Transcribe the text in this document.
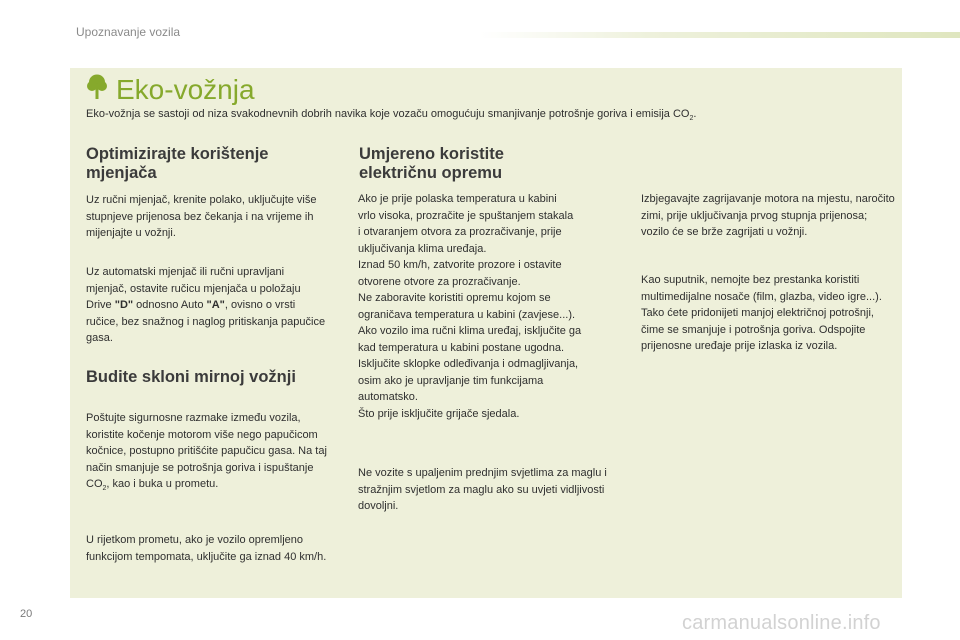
Upoznavanje vozila
Eko-vožnja
Eko-vožnja se sastoji od niza svakodnevnih dobrih navika koje vozaču omogućuju smanjivanje potrošnje goriva i emisija $CO_2$.
Optimizirajte korištenje
mjenjača
Uz ručni mjenjač, krenite polako, uključujte više stupnjeve prijenosa bez čekanja i na vrijeme ih mijenjajte u vožnji.
Uz automatski mjenjač ili ručni upravljani mjenjač, ostavite ručicu mjenjača u položaju Drive "D" odnosno Auto "A", ovisno o vrsti ručice, bez snažnog i naglog pritiskanja papučice gasa.
Budite skloni mirnoj vožnji
Poštujte sigurnosne razmake između vozila, koristite kočenje motorom više nego papučicom kočnice, postupno pritišćite papučicu gasa. Na taj način smanjuje se potrošnja goriva i ispuštanje $CO_2$, kao i buka u prometu.
U rijetkom prometu, ako je vozilo opremljeno funkcijom tempomata, uključite ga iznad 40 km/h.
Umjereno koristite
električnu opremu
Ako je prije polaska temperatura u kabini
vrlo visoka, prozračite je spuštanjem stakala
i otvaranjem otvora za prozračivanje, prije
uključivanja klima uređaja.
Iznad 50 km/h, zatvorite prozore i ostavite
otvorene otvore za prozračivanje.
Ne zaboravite koristiti opremu kojom se
ograničava temperatura u kabini (zavjese...).
Ako vozilo ima ručni klima uređaj, isključite ga
kad temperatura u kabini postane ugodna.
Isključite sklopke odleđivanja i odmagljivanja,
osim ako je upravljanje tim funkcijama
automatsko.
Što prije isključite grijače sjedala.
Ne vozite s upaljenim prednjim svjetlima za maglu i stražnjim svjetlom za maglu ako su uvjeti vidljivosti dovoljni.
Izbjegavajte zagrijavanje motora na mjestu, naročito zimi, prije uključivanja prvog stupnja prijenosa; vozilo će se brže zagrijati u vožnji.
Kao suputnik, nemojte bez prestanka koristiti multimedijalne nosače (film, glazba, video igre...). Tako ćete pridonijeti manjoj električnoj potrošnji, čime se smanjuje i potrošnja goriva. Odspojite prijenosne uređaje prije izlaska iz vozila.
20	carmanualsonline.info
